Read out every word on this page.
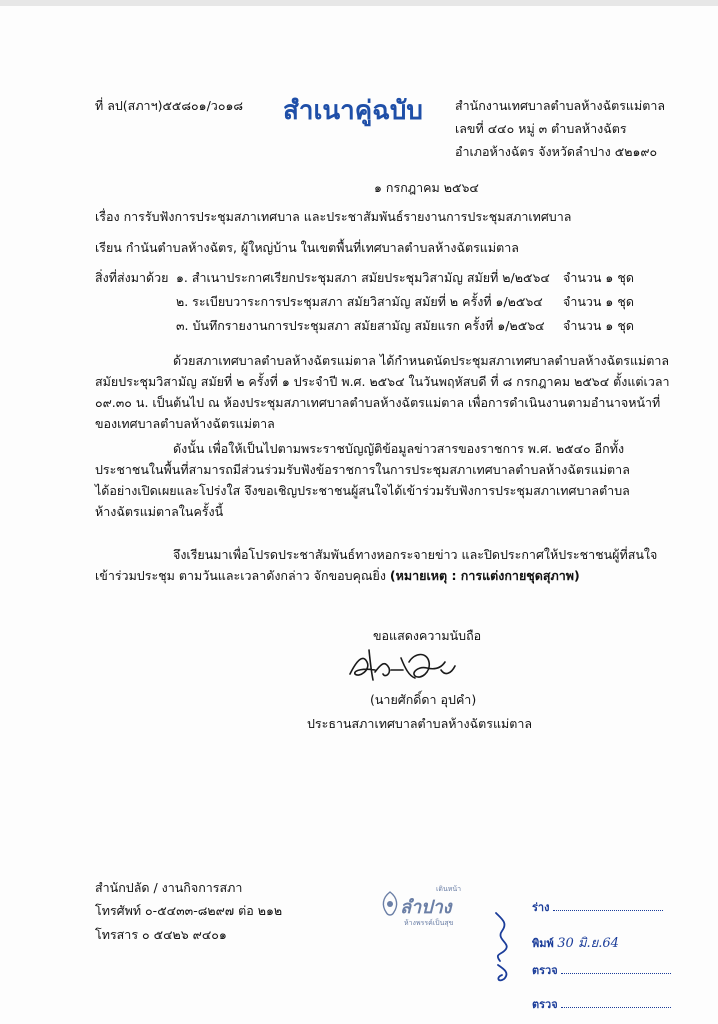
ที่ ลป(สภาฯ)๕๕๘๐๑/ว๐๑๘ สำเนาคู่ฉบับ	สำนักงานเทศบาลตำบลห้างฉัตรแม่ตาล
เลขที่ ๔๔๐ หมู่ ๓ ตำบลห้างฉัตร
อำเภอห้างฉัตร จังหวัดลำปาง ๕๒๑๙๐
๑ กรกฎาคม ๒๕๖๔
เรื่อง การรับฟังการประชุมสภาเทศบาล และประชาสัมพันธ์รายงานการประชุมสภาเทศบาล
เรียน กำนันตำบลห้างฉัตร, ผู้ใหญ่บ้าน ในเขตพื้นที่เทศบาลตำบลห้างฉัตรแม่ตาล
สิ่งที่ส่งมาด้วย ๑. สำเนาประกาศเรียกประชุมสภา สมัยประชุมวิสามัญ สมัยที่ ๒/๒๕๖๔ จำนวน ๑ ชุด
๒. ระเบียบวาระการประชุมสภา สมัยวิสามัญ สมัยที่ ๒ ครั้งที่ ๑/๒๕๖๔ จำนวน ๑ ชุด
๓. บันทึกรายงานการประชุมสภา สมัยสามัญ สมัยแรก ครั้งที่ ๑/๒๕๖๔ จำนวน ๑ ชุด

ด้วยสภาเทศบาลตำบลห้างฉัตรแม่ตาล ได้กำหนดนัดประชุมสภาเทศบาลตำบลห้างฉัตรแม่ตาล

สมัยประชุมวิสามัญ สมัยที่ ๒ ครั้งที่ ๑ ประจำปี พ.ศ. ๒๕๖๔ ในวันพฤหัสบดี ที่ ๘ กรกฎาคม ๒๕๖๔ ตั้งแต่เวลา

๐๙.๓๐ น. เป็นต้นไป ณ ห้องประชุมสภาเทศบาลตำบลห้างฉัตรแม่ตาล เพื่อการดำเนินงานตามอำนาจหน้าที่

ของเทศบาลตำบลห้างฉัตรแม่ตาล

ดังนั้น เพื่อให้เป็นไปตามพระราชบัญญัติข้อมูลข่าวสารของราชการ พ.ศ. ๒๕๔๐ อีกทั้ง

ประชาชนในพื้นที่สามารถมีส่วนร่วมรับฟังข้อราชการในการประชุมสภาเทศบาลตำบลห้างฉัตรแม่ตาล

ได้อย่างเปิดเผยและโปร่งใส จึงขอเชิญประชาชนผู้สนใจได้เข้าร่วมรับฟังการประชุมสภาเทศบาลตำบล

ห้างฉัตรแม่ตาลในครั้งนี้

จึงเรียนมาเพื่อโปรดประชาสัมพันธ์ทางหอกระจายข่าว และปิดประกาศให้ประชาชนผู้ที่สนใจ

เข้าร่วมประชุม ตามวันและเวลาดังกล่าว จักขอบคุณยิ่ง (หมายเหตุ : การแต่งกายชุดสุภาพ)

ขอแสดงความนับถือ
(นายศักดิ์ดา อุปคำ)
ประธานสภาเทศบาลตำบลห้างฉัตรแม่ตาล
สำนักปลัด / งานกิจการสภา
โทรศัพท์ ๐-๕๔๓๓-๘๒๙๗ ต่อ ๒๑๒
โทรสาร ๐ ๕๔๒๖ ๙๔๐๑
เดินหน้า
ลำปาง
ห้างพรรค์เป็นสุข
ร่าง
พิมพ์ 30 มิ.ย.64
ตรวจ
ตรวจ
